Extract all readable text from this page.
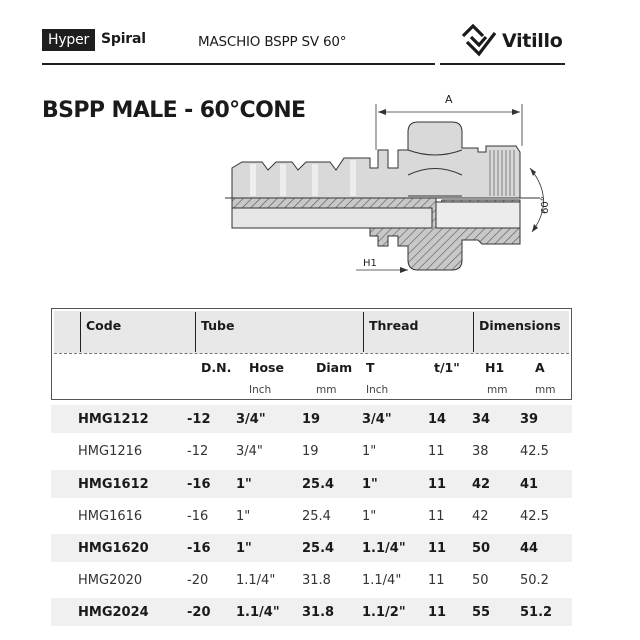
Hyper Spiral	MASCHIO BSPP SV 60°	Vitillo
BSPP MALE - 60°CONE	A
60°
H1
Code	Tube	Thread	Dimensions
D.N. Hose	Diam T	t/1" H1 A
Inch	mm	Inch	mm	mm
HMG1212	-12 3/4"	19	3/4"	14 34 39
HMG1216	-12 3/4"	19	1"	11 38 42.5
HMG1612	-16 1"	25.4 1"	11 42 41
HMG1616	-16 1"	25.4 1"	11 42 42.5
HMG1620	-16 1"	25.4 1.1/4" 11 50 44
HMG2020	-20 1.1/4" 31.8 1.1/4" 11 50 50.2
HMG2024	-20 1.1/4" 31.8 1.1/2" 11 55 51.2
